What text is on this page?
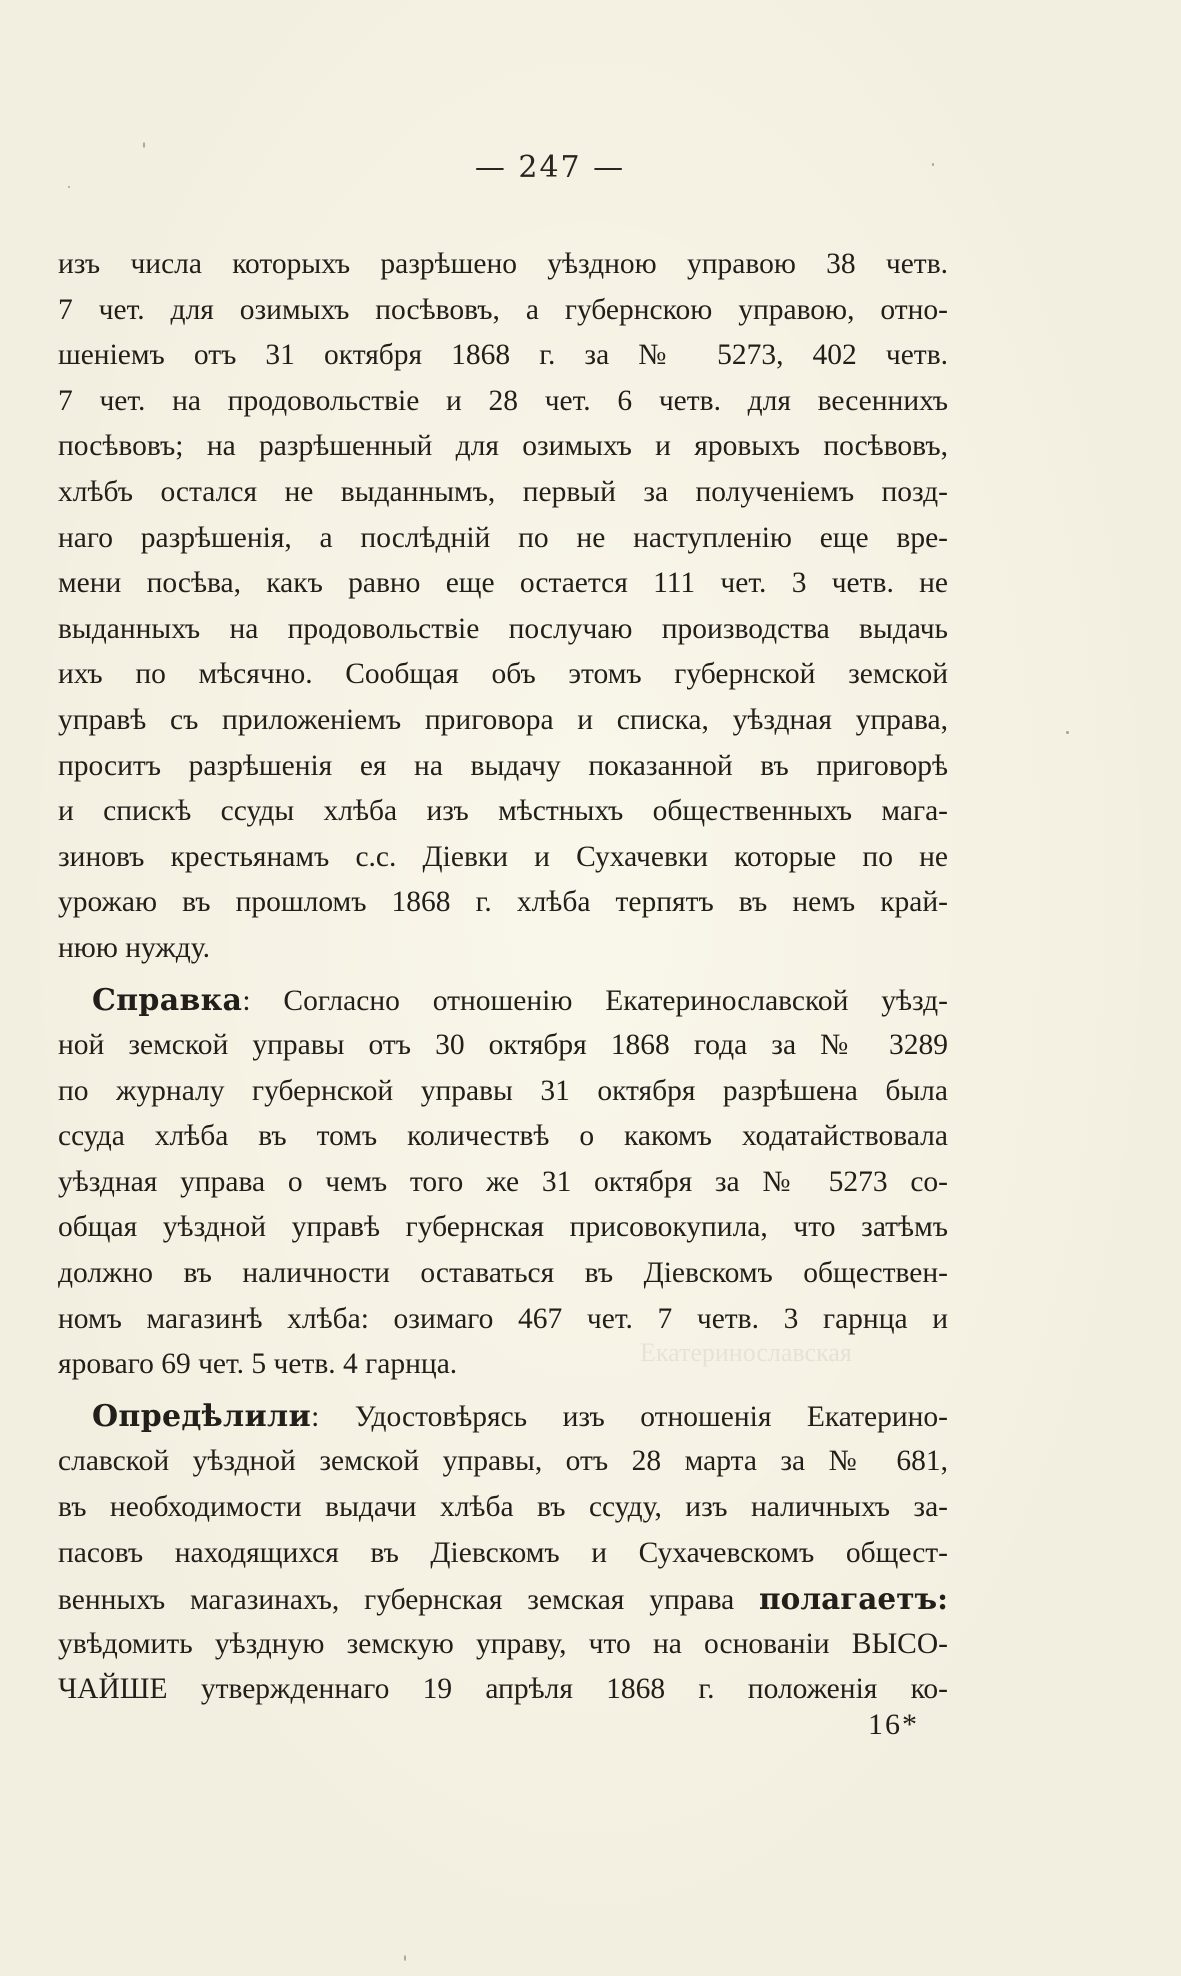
Екатеринославская
— 247 —
изъ числа которыхъ разрѣшено уѣздною управою 38 четв.
7 чет. для озимыхъ посѣвовъ, а губернскою управою, отно-
шеніемъ отъ 31 октября 1868 г. за № 5273, 402 четв.
7 чет. на продовольствіе и 28 чет. 6 четв. для весеннихъ
посѣвовъ; на разрѣшенный для озимыхъ и яровыхъ посѣвовъ,
хлѣбъ остался не выданнымъ, первый за полученіемъ позд-
наго разрѣшенія, а послѣдній по не наступленію еще вре-
мени посѣва, какъ равно еще остается 111 чет. 3 четв. не
выданныхъ на продовольствіе послучаю производства выдачь
ихъ по мѣсячно. Сообщая объ этомъ губернской земской
управѣ съ приложеніемъ приговора и списка, уѣздная управа,
проситъ разрѣшенія ея на выдачу показанной въ приговорѣ
и спискѣ ссуды хлѣба изъ мѣстныхъ общественныхъ мага-
зиновъ крестьянамъ с.с. Діевки и Сухачевки которые по не
урожаю въ прошломъ 1868 г. хлѣба терпятъ въ немъ край-
нюю нужду.
Справка: Согласно отношенію Екатеринославской уѣзд-
ной земской управы отъ 30 октября 1868 года за № 3289
по журналу губернской управы 31 октября разрѣшена была
ссуда хлѣба въ томъ количествѣ о какомъ ходатайствовала
уѣздная управа о чемъ того же 31 октября за № 5273 со-
общая уѣздной управѣ губернская присовокупила, что затѣмъ
должно въ наличности оставаться въ Діевскомъ обществен-
номъ магазинѣ хлѣба: озимаго 467 чет. 7 четв. 3 гарнца и
яроваго 69 чет. 5 четв. 4 гарнца.
Опредѣлили: Удостовѣрясь изъ отношенія Екатерино-
славской уѣздной земской управы, отъ 28 марта за № 681,
въ необходимости выдачи хлѣба въ ссуду, изъ наличныхъ за-
пасовъ находящихся въ Діевскомъ и Сухачевскомъ общест-
венныхъ магазинахъ, губернская земская управа полагаетъ:
увѣдомить уѣздную земскую управу, что на основаніи ВЫСО-
ЧАЙШЕ утвержденнаго 19 апрѣля 1868 г. положенія ко-
16*
